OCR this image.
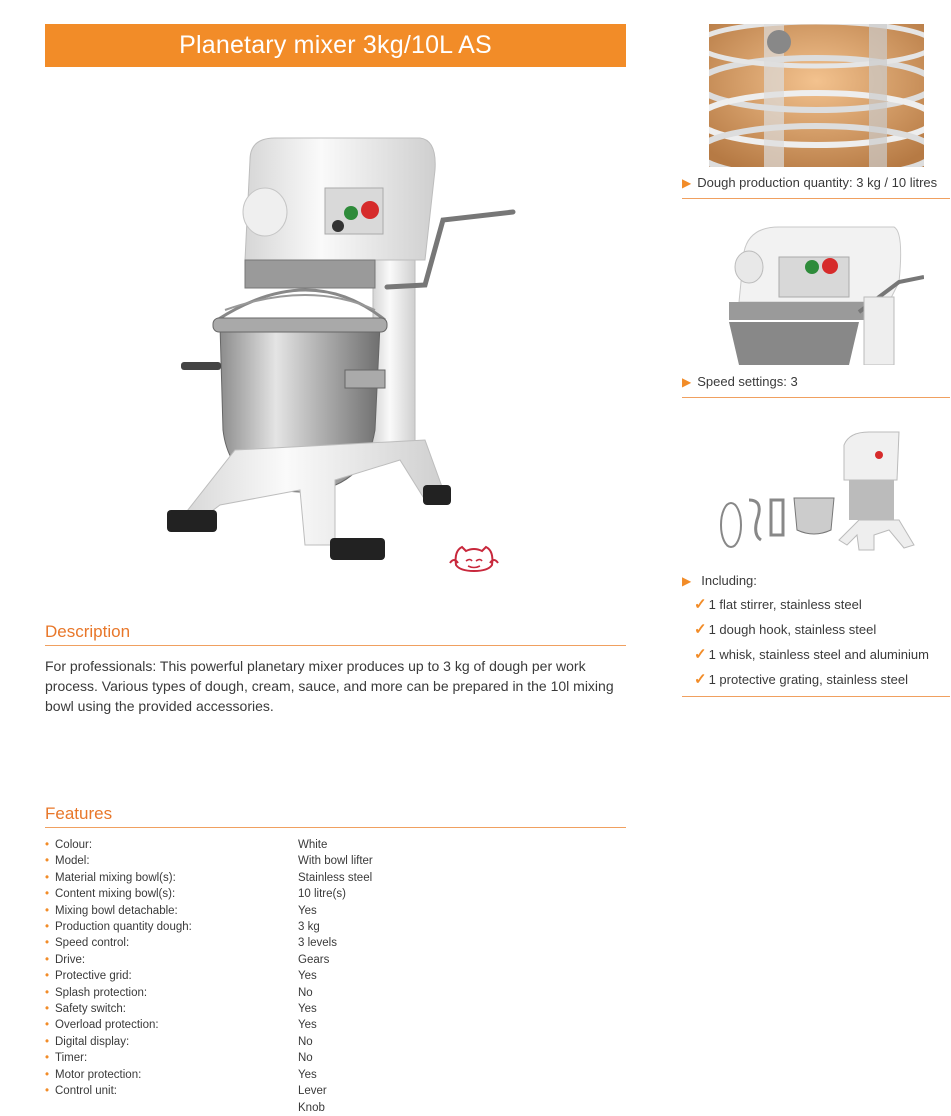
Planetary mixer 3kg/10L AS
Description
For professionals: This powerful planetary mixer produces up to 3 kg of dough per work process. Various types of dough, cream, sauce, and more can be prepared in the 10l mixing bowl using the provided accessories.
Features
• Colour:	White
• Model:	With bowl lifter
• Material mixing bowl(s):	Stainless steel
• Content mixing bowl(s):	10 litre(s)
• Mixing bowl detachable:	Yes
• Production quantity dough:	3 kg
• Speed control:	3 levels
• Drive:	Gears
• Protective grid:	Yes
• Splash protection:	No
• Safety switch:	Yes
• Overload protection:	Yes
• Digital display:	No
• Timer:	No
• Motor protection:	Yes
• Control unit:	Lever
Knob
▶ Dough production quantity: 3 kg / 10 litres
▶ Speed settings: 3
▶ Including:
✓ 1 flat stirrer, stainless steel
✓ 1 dough hook, stainless steel
✓ 1 whisk, stainless steel and aluminium
✓ 1 protective grating, stainless steel
